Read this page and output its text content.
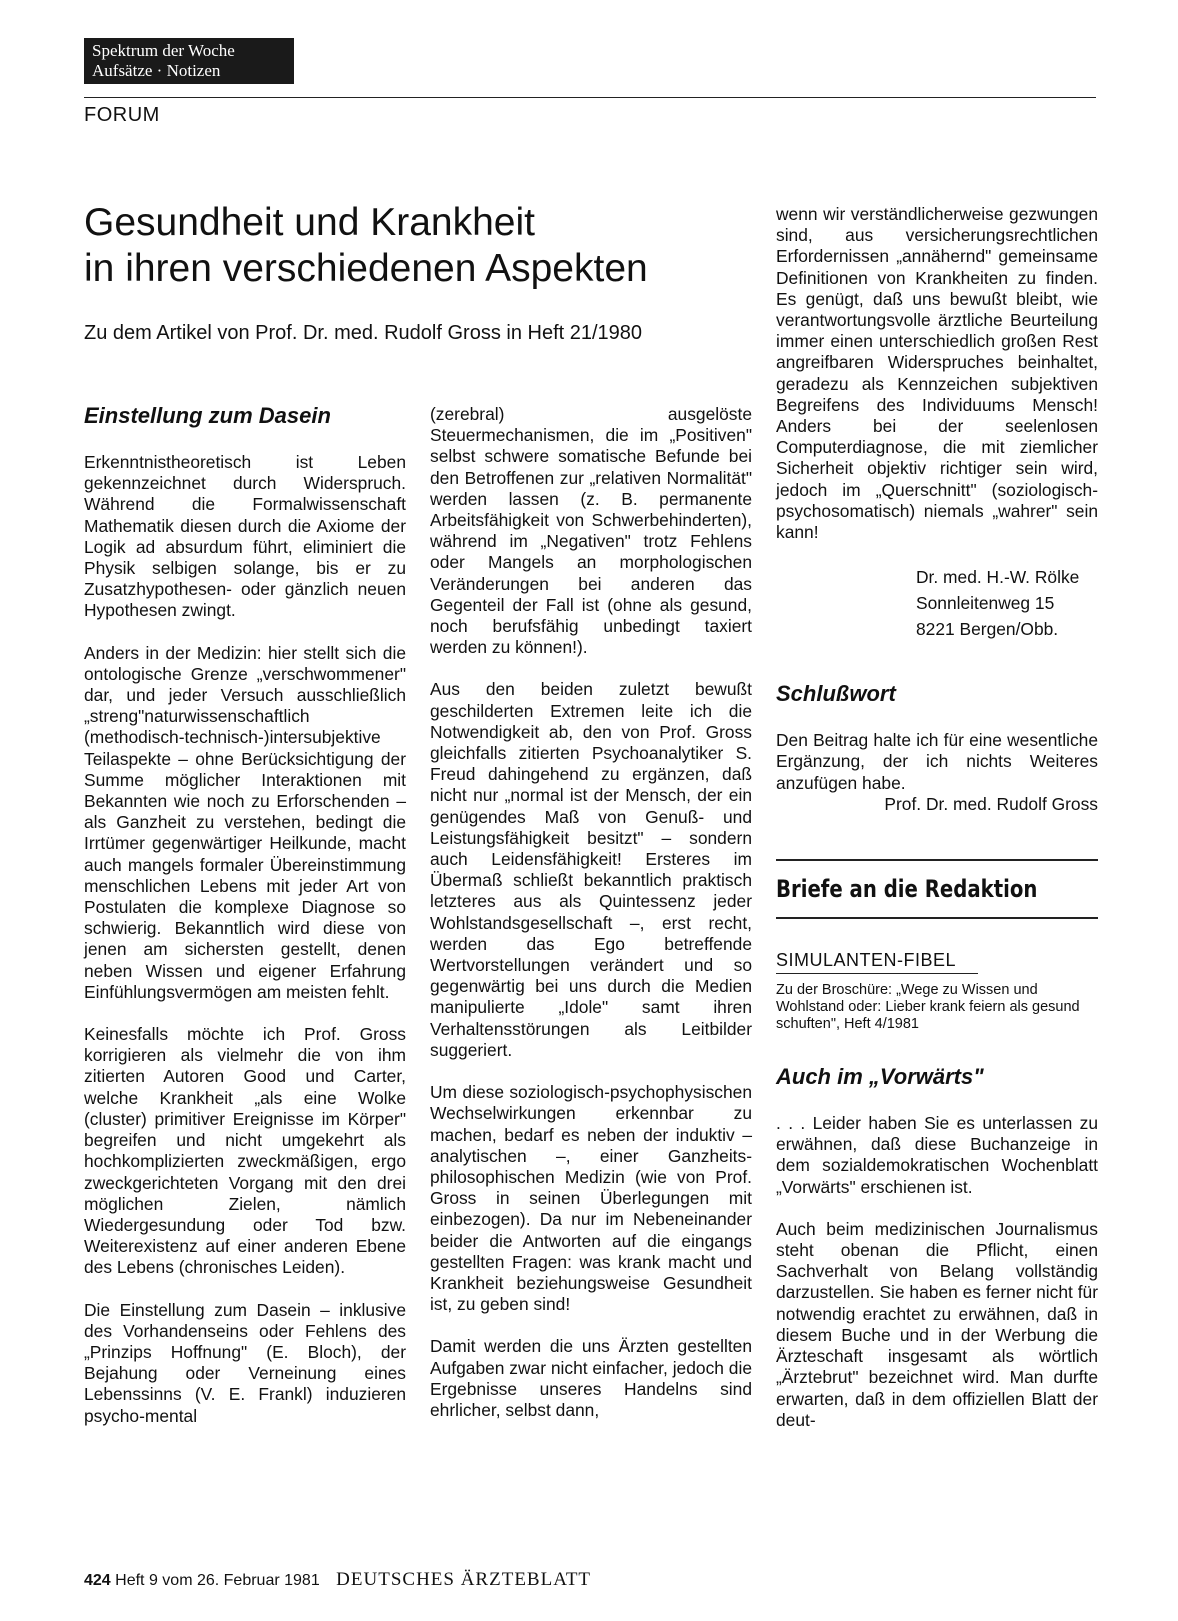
Spektrum der Woche
Aufsätze · Notizen
FORUM
Gesundheit und Krankheit
in ihren verschiedenen Aspekten
Zu dem Artikel von Prof. Dr. med. Rudolf Gross in Heft 21/1980
Einstellung zum Dasein

Erkenntnistheoretisch ist Leben gekennzeichnet durch Widerspruch. Während die Formalwissenschaft Mathematik diesen durch die Axiome der Logik ad absurdum führt, eliminiert die Physik selbigen solange, bis er zu Zusatzhypothesen- oder gänzlich neuen Hypothesen zwingt.

Anders in der Medizin: hier stellt sich die ontologische Grenze „verschwommener" dar, und jeder Versuch ausschließlich „streng"naturwissenschaftlich (methodisch-technisch-)intersubjektive Teilaspekte – ohne Berücksichtigung der Summe möglicher Interaktionen mit Bekannten wie noch zu Erforschenden – als Ganzheit zu verstehen, bedingt die Irrtümer gegenwärtiger Heilkunde, macht auch mangels formaler Übereinstimmung menschlichen Lebens mit jeder Art von Postulaten die komplexe Diagnose so schwierig. Bekanntlich wird diese von jenen am sichersten gestellt, denen neben Wissen und eigener Erfahrung Einfühlungsvermögen am meisten fehlt.

Keinesfalls möchte ich Prof. Gross korrigieren als vielmehr die von ihm zitierten Autoren Good und Carter, welche Krankheit „als eine Wolke (cluster) primitiver Ereignisse im Körper" begreifen und nicht umgekehrt als hochkomplizierten zweckmäßigen, ergo zweckgerichteten Vorgang mit den drei möglichen Zielen, nämlich Wiedergesundung oder Tod bzw. Weiterexistenz auf einer anderen Ebene des Lebens (chronisches Leiden).

Die Einstellung zum Dasein – inklusive des Vorhandenseins oder Fehlens des „Prinzips Hoffnung" (E. Bloch), der Bejahung oder Verneinung eines Lebenssinns (V. E. Frankl) induzieren psycho-mental

(zerebral) ausgelöste Steuermechanismen, die im „Positiven" selbst schwere somatische Befunde bei den Betroffenen zur „relativen Normalität" werden lassen (z. B. permanente Arbeitsfähigkeit von Schwerbehinderten), während im „Negativen" trotz Fehlens oder Mangels an morphologischen Veränderungen bei anderen das Gegenteil der Fall ist (ohne als gesund, noch berufsfähig unbedingt taxiert werden zu können!).

Aus den beiden zuletzt bewußt geschilderten Extremen leite ich die Notwendigkeit ab, den von Prof. Gross gleichfalls zitierten Psychoanalytiker S. Freud dahingehend zu ergänzen, daß nicht nur „normal ist der Mensch, der ein genügendes Maß von Genuß- und Leistungsfähigkeit besitzt" – sondern auch Leidensfähigkeit! Ersteres im Übermaß schließt bekanntlich praktisch letzteres aus als Quintessenz jeder Wohlstandsgesellschaft –, erst recht, werden das Ego betreffende Wertvorstellungen verändert und so gegenwärtig bei uns durch die Medien manipulierte „Idole" samt ihren Verhaltensstörungen als Leitbilder suggeriert.

Um diese soziologisch-psychophysischen Wechselwirkungen erkennbar zu machen, bedarf es neben der induktiv – analytischen –, einer Ganzheits-philosophischen Medizin (wie von Prof. Gross in seinen Überlegungen mit einbezogen). Da nur im Nebeneinander beider die Antworten auf die eingangs gestellten Fragen: was krank macht und Krankheit beziehungsweise Gesundheit ist, zu geben sind!

Damit werden die uns Ärzten gestellten Aufgaben zwar nicht einfacher, jedoch die Ergebnisse unseres Handelns sind ehrlicher, selbst dann,

wenn wir verständlicherweise gezwungen sind, aus versicherungsrechtlichen Erfordernissen „annähernd" gemeinsame Definitionen von Krankheiten zu finden. Es genügt, daß uns bewußt bleibt, wie verantwortungsvolle ärztliche Beurteilung immer einen unterschiedlich großen Rest angreifbaren Widerspruches beinhaltet, geradezu als Kennzeichen subjektiven Begreifens des Individuums Mensch! Anders bei der seelenlosen Computerdiagnose, die mit ziemlicher Sicherheit objektiv richtiger sein wird, jedoch im „Querschnitt" (soziologisch-psychosomatisch) niemals „wahrer" sein kann!

Dr. med. H.-W. Rölke
Sonnleitenweg 15
8221 Bergen/Obb.
Schlußwort

Den Beitrag halte ich für eine wesentliche Ergänzung, der ich nichts Weiteres anzufügen habe.

Prof. Dr. med. Rudolf Gross
Briefe an die Redaktion
SIMULANTEN-FIBEL
Zu der Broschüre: „Wege zu Wissen und Wohlstand oder: Lieber krank feiern als gesund schuften", Heft 4/1981
Auch im „Vorwärts"

. . . Leider haben Sie es unterlassen zu erwähnen, daß diese Buchanzeige in dem sozialdemokratischen Wochenblatt „Vorwärts" erschienen ist.

Auch beim medizinischen Journalismus steht obenan die Pflicht, einen Sachverhalt von Belang vollständig darzustellen. Sie haben es ferner nicht für notwendig erachtet zu erwähnen, daß in diesem Buche und in der Werbung die Ärzteschaft insgesamt als wörtlich „Ärztebrut" bezeichnet wird. Man durfte erwarten, daß in dem offiziellen Blatt der deut-

424 Heft 9 vom 26. Februar 1981 DEUTSCHES ÄRZTEBLATT
